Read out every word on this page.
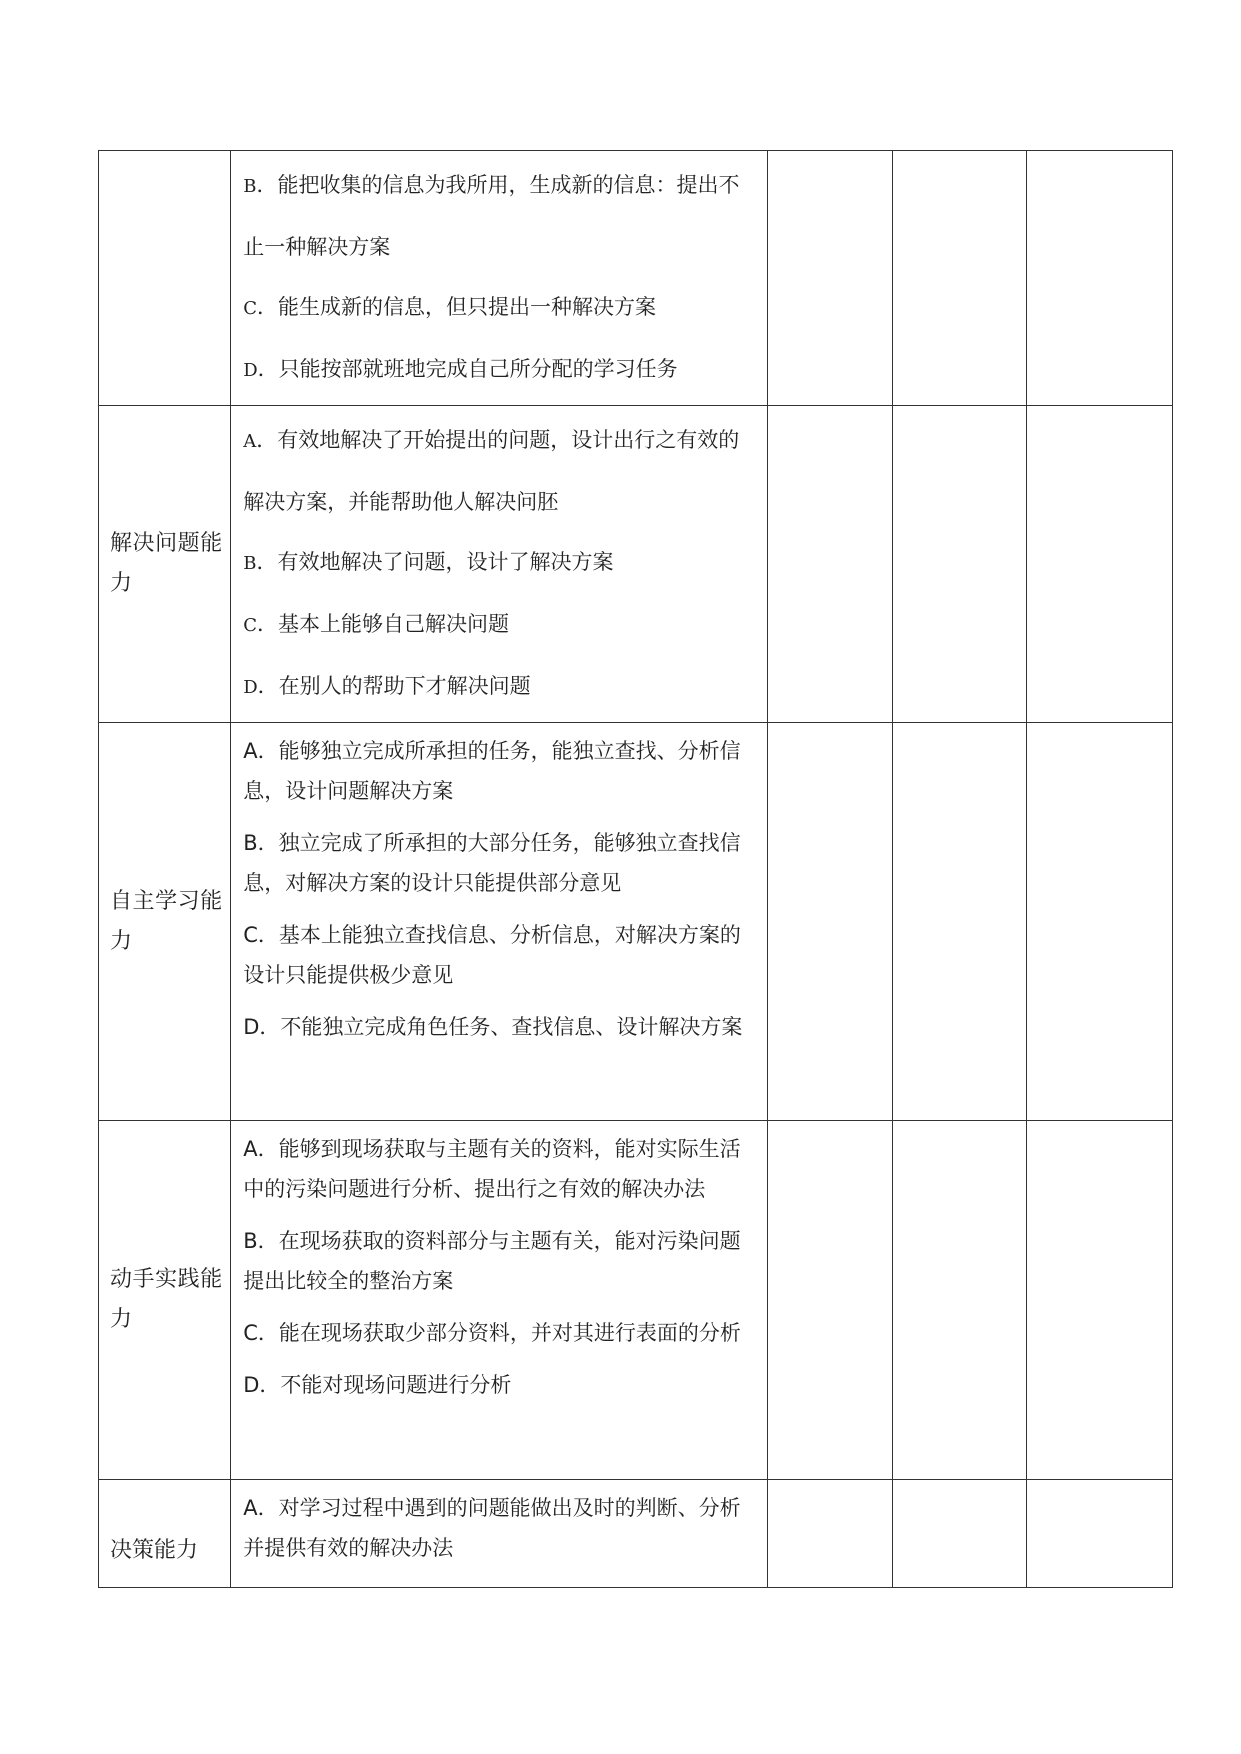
	B．能把收集的信息为我所用，生成新的信息：提出不止一种解决方案
C．能生成新的信息，但只提出一种解决方案
D．只能按部就班地完成自己所分配的学习任务			

解决问题能力	A．有效地解决了开始提出的问题，设计出行之有效的解决方案，并能帮助他人解决问胚
B．有效地解决了问题，设计了解决方案
C．基本上能够自己解决问题
D．在别人的帮助下才解决问题			

自主学习能力	A．能够独立完成所承担的任务，能独立查找、分析信息，设计问题解决方案
B．独立完成了所承担的大部分任务，能够独立查找信息，对解决方案的设计只能提供部分意见
C．基本上能独立查找信息、分析信息，对解决方案的设计只能提供极少意见
D．不能独立完成角色任务、查找信息、设计解决方案			

动手实践能力	A．能够到现场获取与主题有关的资料，能对实际生活中的污染问题进行分析、提出行之有效的解决办法
B．在现场获取的资料部分与主题有关，能对污染问题提出比较全的整治方案
C．能在现场获取少部分资料，并对其进行表面的分析
D．不能对现场问题进行分析			

决策能力	A．对学习过程中遇到的问题能做出及时的判断、分析并提供有效的解决办法			
